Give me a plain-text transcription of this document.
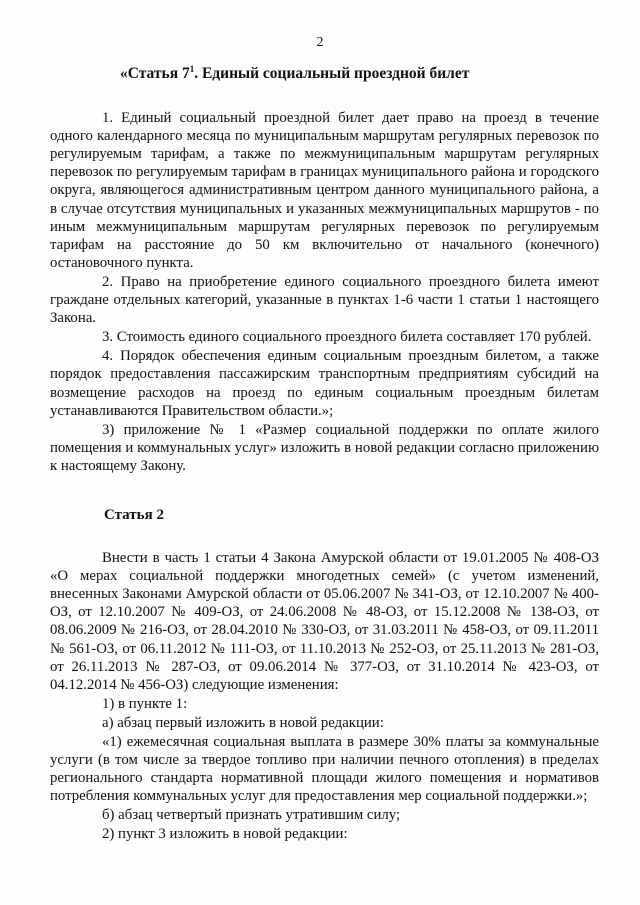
2
«Статья $7^1$. Единый социальный проездной билет

1. Единый социальный проездной билет дает право на проезд в течение одного календарного месяца по муниципальным маршрутам регулярных перевозок по регулируемым тарифам, а также по межмуниципальным маршрутам регулярных перевозок по регулируемым тарифам в границах муниципального района и городского округа, являющегося административным центром данного муниципального района, а в случае отсутствия муниципальных и указанных межмуниципальных маршрутов - по иным межмуниципальным маршрутам регулярных перевозок по регулируемым тарифам на расстояние до 50 км включительно от начального (конечного) остановочного пункта.

2. Право на приобретение единого социального проездного билета имеют граждане отдельных категорий, указанные в пунктах 1-6 части 1 статьи 1 настоящего Закона.

3. Стоимость единого социального проездного билета составляет 170 рублей.

4. Порядок обеспечения единым социальным проездным билетом, а также порядок предоставления пассажирским транспортным предприятиям субсидий на возмещение расходов на проезд по единым социальным проездным билетам устанавливаются Правительством области.»;

3) приложение № 1 «Размер социальной поддержки по оплате жилого помещения и коммунальных услуг» изложить в новой редакции согласно приложению к настоящему Закону.

Статья 2

Внести в часть 1 статьи 4 Закона Амурской области от 19.01.2005 № 408-ОЗ «О мерах социальной поддержки многодетных семей» (с учетом изменений, внесенных Законами Амурской области от 05.06.2007 № 341-ОЗ, от 12.10.2007 № 400-ОЗ, от 12.10.2007 № 409-ОЗ, от 24.06.2008 № 48-ОЗ, от 15.12.2008 № 138-ОЗ, от 08.06.2009 № 216-ОЗ, от 28.04.2010 № 330-ОЗ, от 31.03.2011 № 458-ОЗ, от 09.11.2011 № 561-ОЗ, от 06.11.2012 № 111-ОЗ, от 11.10.2013 № 252-ОЗ, от 25.11.2013 № 281-ОЗ, от 26.11.2013 № 287-ОЗ, от 09.06.2014 № 377-ОЗ, от 31.10.2014 № 423-ОЗ, от 04.12.2014 № 456-ОЗ) следующие изменения:

1) в пункте 1:

а) абзац первый изложить в новой редакции:

«1) ежемесячная социальная выплата в размере 30% платы за коммунальные услуги (в том числе за твердое топливо при наличии печного отопления) в пределах регионального стандарта нормативной площади жилого помещения и нормативов потребления коммунальных услуг для предоставления мер социальной поддержки.»;

б) абзац четвертый признать утратившим силу;

2) пункт 3 изложить в новой редакции:
